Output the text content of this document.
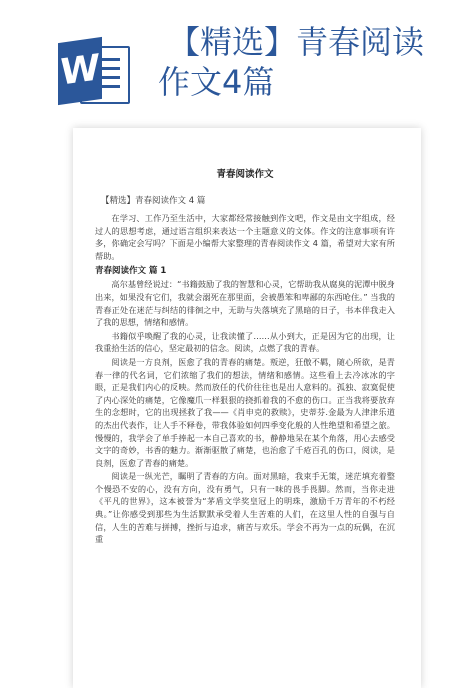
W
【精选】青春阅读
作文4篇
青春阅读作文
【精选】青春阅读作文 4 篇

在学习、工作乃至生活中，大家都经常接触到作文吧，作文是由文字组成，经过人的思想考虑，通过语言组织来表达一个主题意义的文体。作文的注意事项有许多，你确定会写吗？下面是小编帮大家整理的青春阅读作文 4 篇，希望对大家有所帮助。

青春阅读作文 篇 1

高尔基曾经说过：“书籍鼓励了我的智慧和心灵，它帮助我从腐臭的泥潭中脱身出来，如果没有它们，我就会溺死在那里面，会被愚笨和卑鄙的东西呛住。” 当我的青春正处在迷茫与纠结的徘徊之中，无助与失落填充了黑暗的日子，书本伴我走入了我的思想，情绪和感情。

书籍似乎唤醒了我的心灵，让我读懂了……从小到大，正是因为它的出现，让我重拾生活的信心，坚定最初的信念。阅读，点燃了我的青春。

阅读是一方良剂，医愈了我的青春的痛楚。叛逆，狂傲不羁，随心所欲，是青春一律的代名词，它们浓缩了我们的想法，情绪和感情。这些看上去冷冰冰的字眼，正是我们内心的反映。然而放任的代价往往也是出人意料的。孤独、寂寞促使了内心深处的痛楚，它像魔爪一样狠狠的挠抓着我的不愈的伤口。正当我将要放弃生的念想时，它的出现拯救了我——《肖申克的救赎》，史蒂芬.金最为人津津乐道的杰出代表作，让人手不释卷，带我体验如何四季变化般的人性绝望和希望之旅。慢慢的，我学会了单手捧起一本自己喜欢的书，静静地呆在某个角落，用心去感受文字的奇妙，书香的魅力。渐渐驱散了痛楚，也治愈了千疮百孔的伤口，阅读，是良剂，医愈了青春的痛楚。

阅读是一纵光芒，瞩明了青春的方向。面对黑暗，我束手无策，迷茫填充着整个慢恐不安的心，没有方向，没有勇气，只有一味的畏手畏脚。然而，当你走进《平凡的世界》，这本被誉为“茅盾文学奖皇冠上的明珠，激励千万青年的不朽经典。”让你感受到那些为生活默默承受着人生苦难的人们，在这里人性的自强与自信，人生的苦难与拼搏，挫折与追求，痛苦与欢乐。学会不再为一点的玩偶，在沉重
